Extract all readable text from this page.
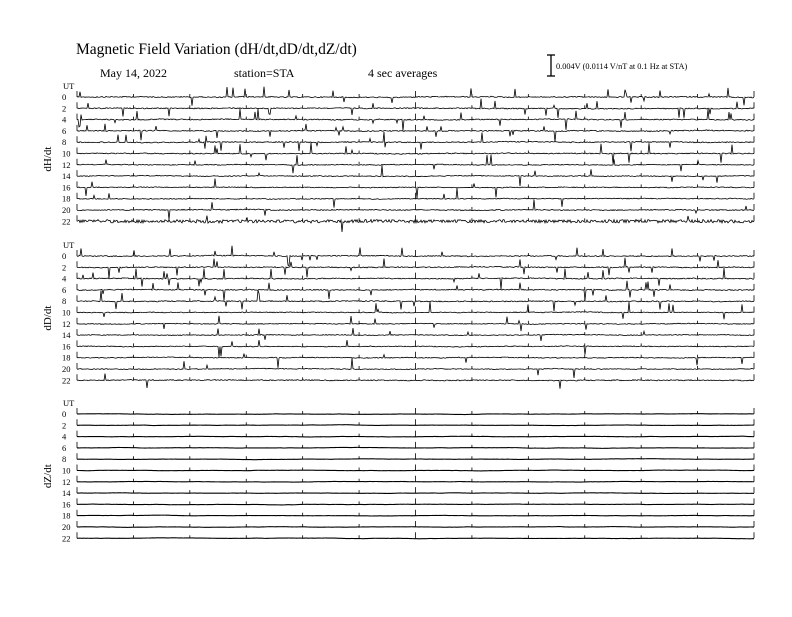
Magnetic Field Variation (dH/dt,dD/dt,dZ/dt)
May 14, 2022	station=STA	4 sec averages	0.004V (0.0114 V/nT at 0.1 Hz at STA)
UT
dH/dt
0
2
4
6
8
10
12
14
16
18
20
22
UT
dD/dt
0
2
4
6
8
10
12
14
16
18
20
22
UT
dZ/dt
0
2
4
6
8
10
12
14
16
18
20
22
